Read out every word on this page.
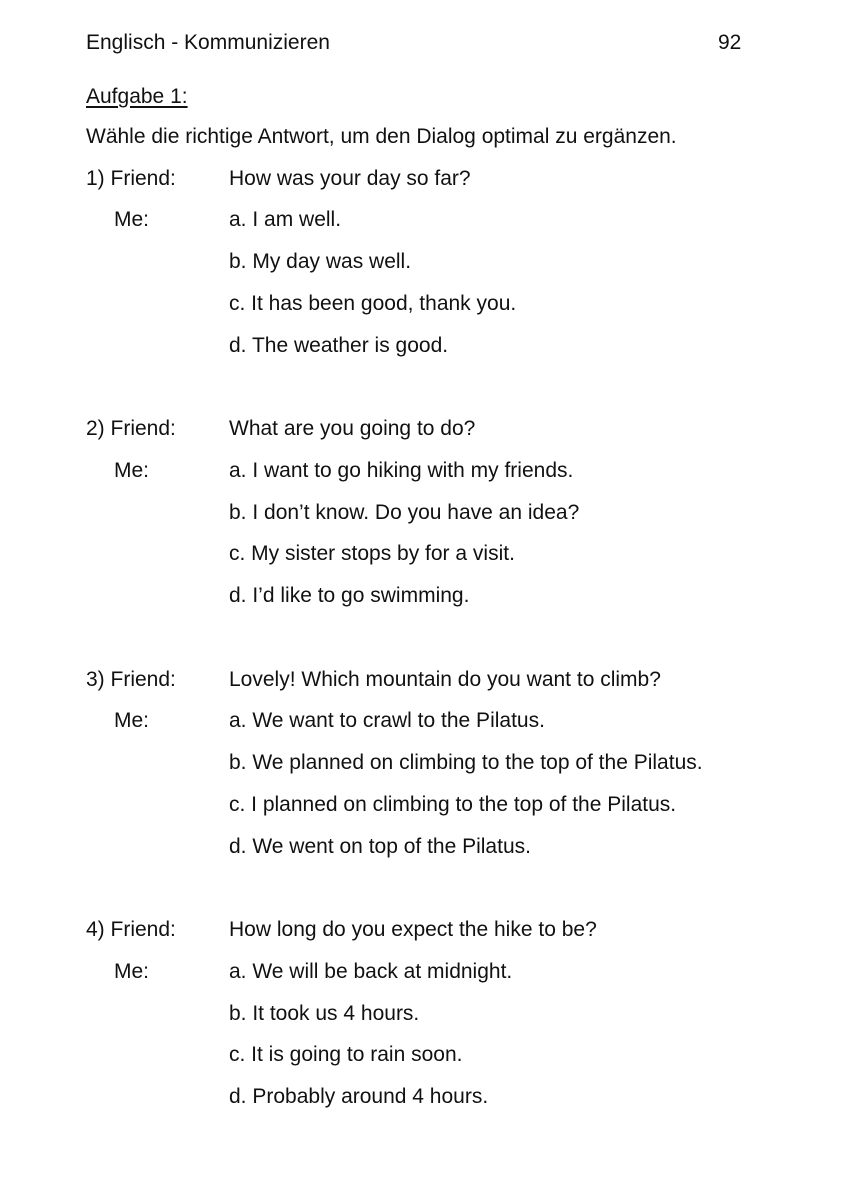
Englisch - Kommunizieren	92
Aufgabe 1:
Wähle die richtige Antwort, um den Dialog optimal zu ergänzen.
1) Friend:	How was your day so far?
Me:	a. I am well.
b. My day was well.
c. It has been good, thank you.
d. The weather is good.
2) Friend:	What are you going to do?
Me:	a. I want to go hiking with my friends.
b. I don’t know. Do you have an idea?
c. My sister stops by for a visit.
d. I’d like to go swimming.
3) Friend:	Lovely! Which mountain do you want to climb?
Me:	a. We want to crawl to the Pilatus.
b. We planned on climbing to the top of the Pilatus.
c. I planned on climbing to the top of the Pilatus.
d. We went on top of the Pilatus.
4) Friend:	How long do you expect the hike to be?
Me:	a. We will be back at midnight.
b. It took us 4 hours.
c. It is going to rain soon.
d. Probably around 4 hours.
